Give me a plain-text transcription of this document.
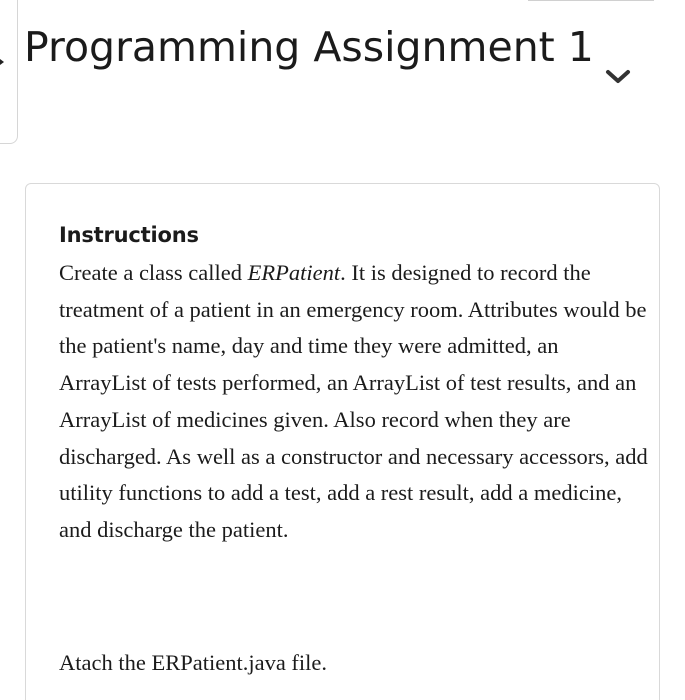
Programming Assignment 1
Instructions

Create a class called ERPatient. It is designed to record the treatment of a patient in an emergency room. Attributes would be the patient's name, day and time they were admitted, an ArrayList of tests performed, an ArrayList of test results, and an ArrayList of medicines given. Also record when they are discharged. As well as a constructor and necessary accessors, add utility functions to add a test, add a rest result, add a medicine, and discharge the patient.

Atach the ERPatient.java file.
